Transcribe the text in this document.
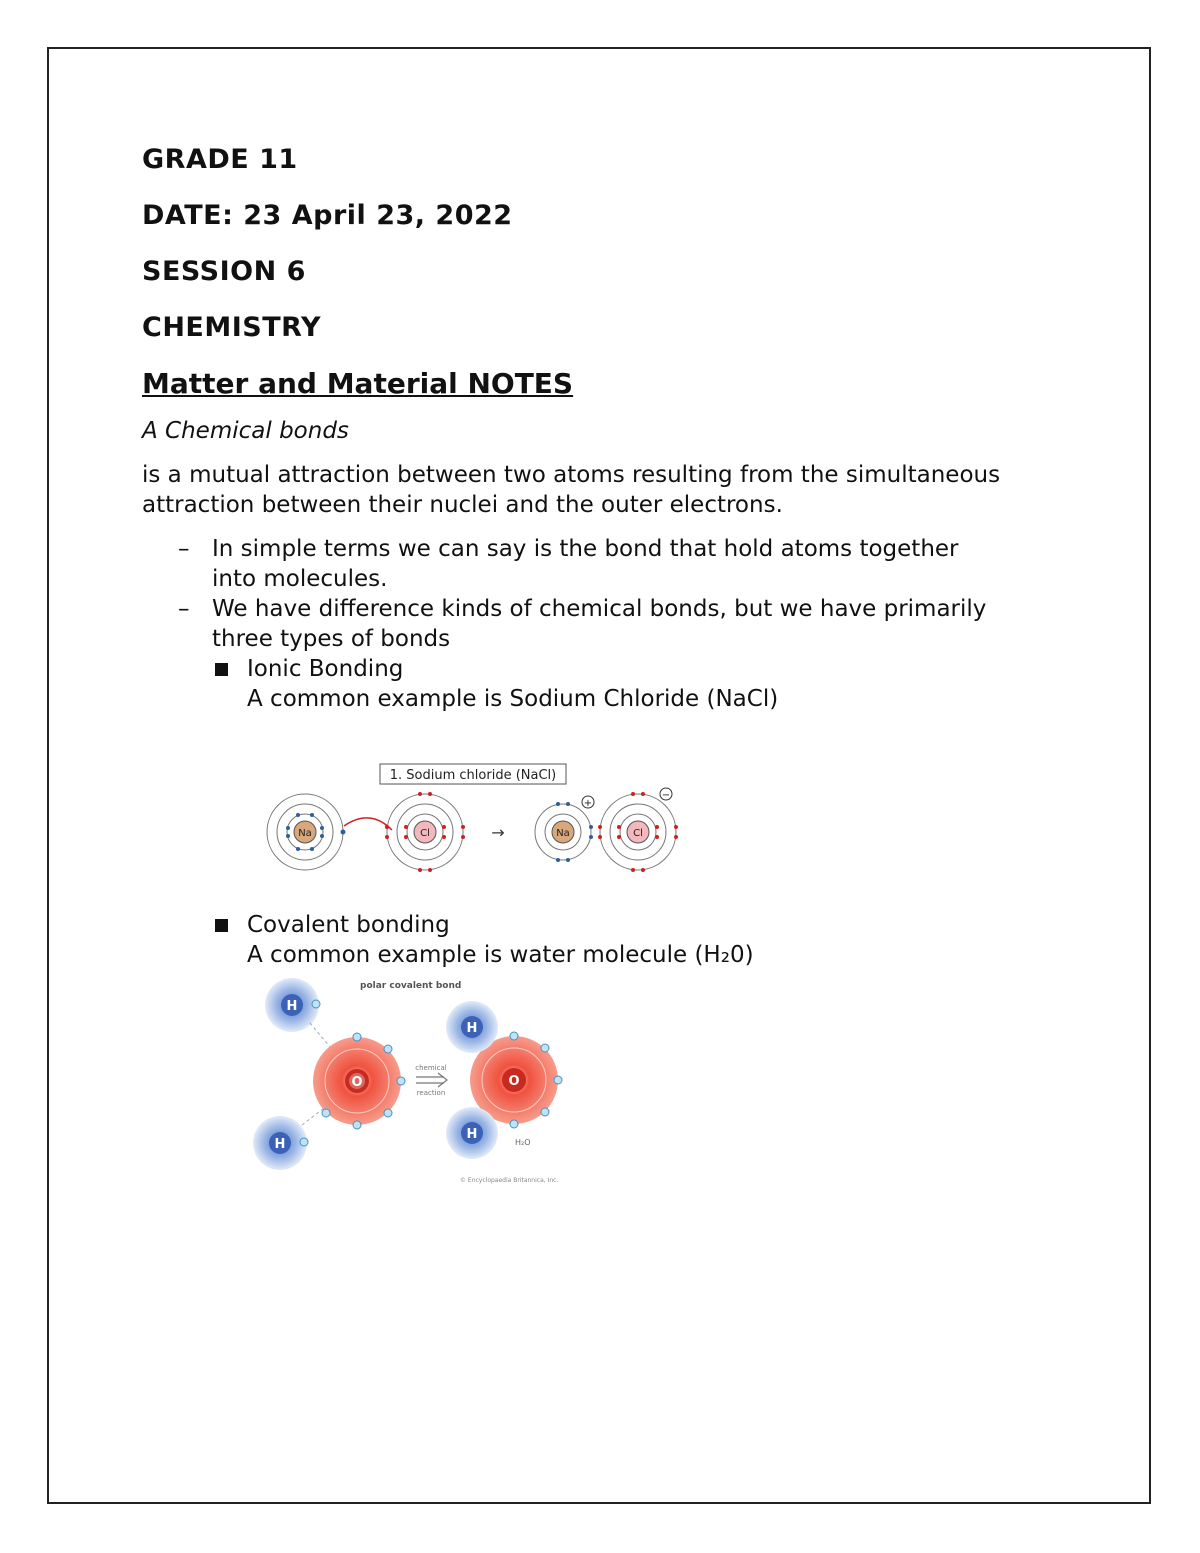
GRADE 11
DATE: 23 April 23, 2022
SESSION 6
CHEMISTRY
Matter and Material NOTES
A Chemical bonds
is a mutual attraction between two atoms resulting from the simultaneous attraction between their nuclei and the outer electrons.
– In simple terms we can say is the bond that hold atoms together into molecules.
– We have difference kinds of chemical bonds, but we have primarily three types of bonds
Ionic Bonding
A common example is Sodium Chloride (NaCl)
1. Sodium chloride (NaCl)
Na	Cl	→	Na
+
Cl
−
Covalent bonding
A common example is water molecule (H₂0)
polar covalent bond
H
O
H
chemical
reaction
O
H
H
H₂O
© Encyclopaedia Britannica, Inc.
